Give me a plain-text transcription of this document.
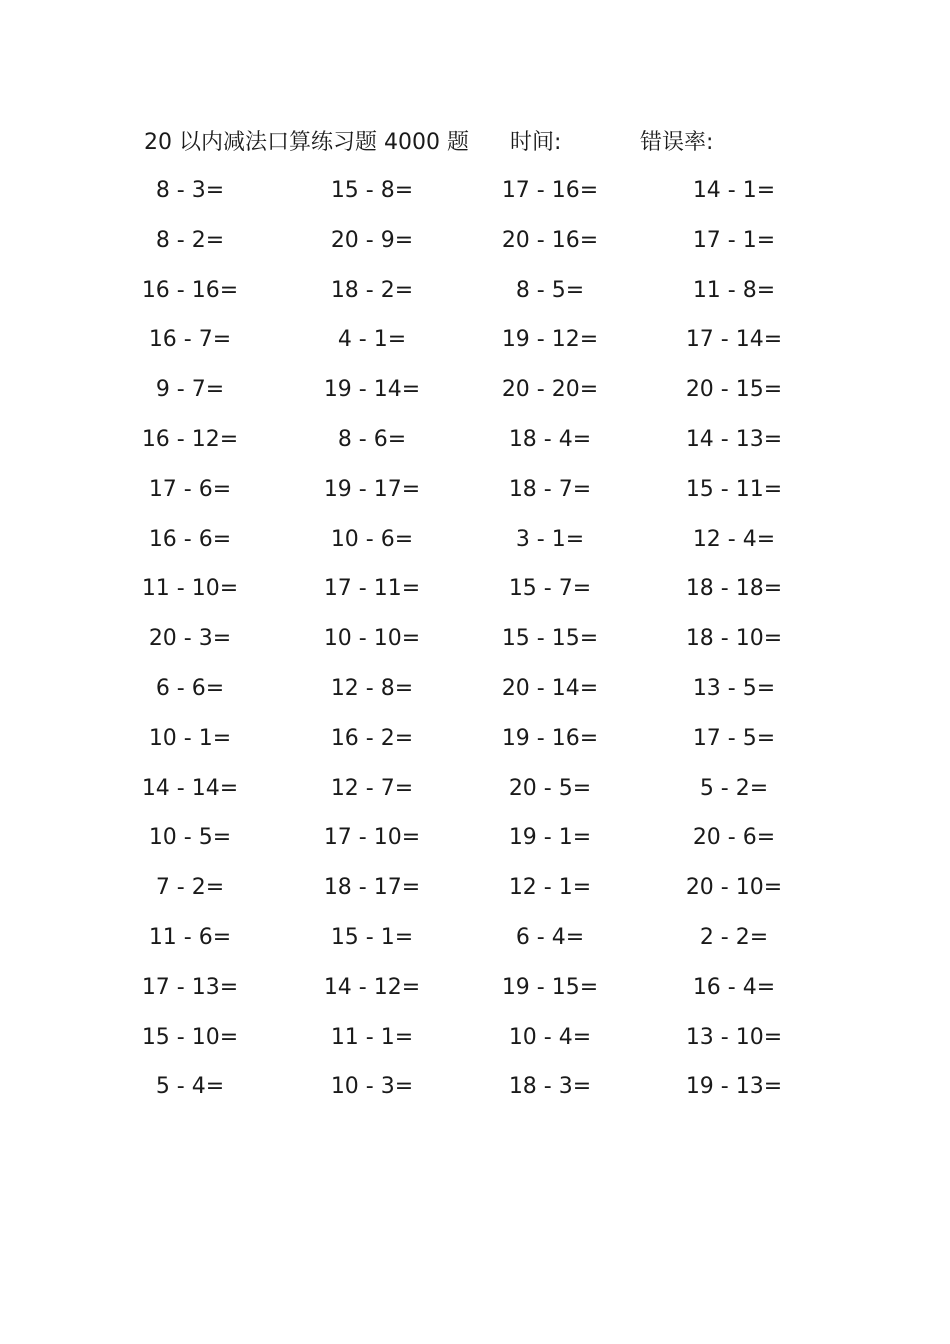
20 以内减法口算练习题 4000 题 时间:	错误率:
8 - 3=
8 - 2=
16 - 16=
16 - 7=
9 - 7=
16 - 12=
17 - 6=
16 - 6=
11 - 10=
20 - 3=
6 - 6=
10 - 1=
14 - 14=
10 - 5=
7 - 2=
11 - 6=
17 - 13=
15 - 10=
5 - 4=
15 - 8=
20 - 9=
18 - 2=
4 - 1=
19 - 14=
8 - 6=
19 - 17=
10 - 6=
17 - 11=
10 - 10=
12 - 8=
16 - 2=
12 - 7=
17 - 10=
18 - 17=
15 - 1=
14 - 12=
11 - 1=
10 - 3=
17 - 16=
20 - 16=
8 - 5=
19 - 12=
20 - 20=
18 - 4=
18 - 7=
3 - 1=
15 - 7=
15 - 15=
20 - 14=
19 - 16=
20 - 5=
19 - 1=
12 - 1=
6 - 4=
19 - 15=
10 - 4=
18 - 3=
14 - 1=
17 - 1=
11 - 8=
17 - 14=
20 - 15=
14 - 13=
15 - 11=
12 - 4=
18 - 18=
18 - 10=
13 - 5=
17 - 5=
5 - 2=
20 - 6=
20 - 10=
2 - 2=
16 - 4=
13 - 10=
19 - 13=
